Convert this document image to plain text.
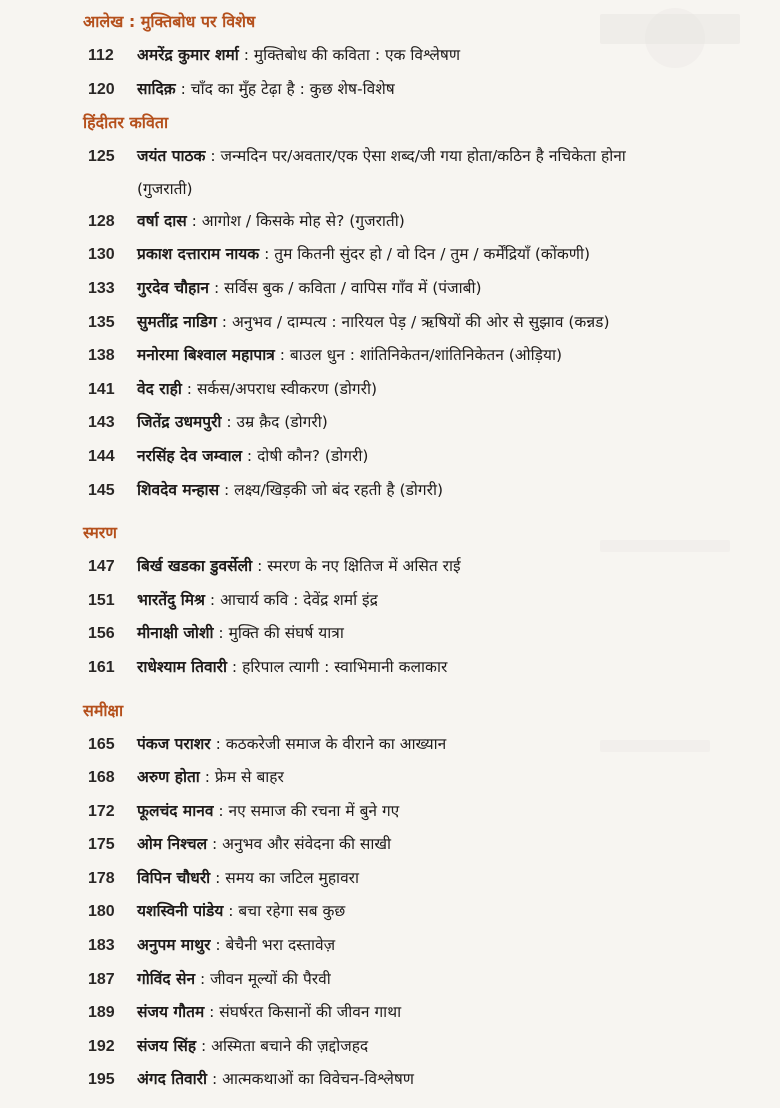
आलेख : मुक्तिबोध पर विशेष
112	अमरेंद्र कुमार शर्मा : मुक्तिबोध की कविता : एक विश्लेषण
120	सादिक़ : चाँद का मुँह टेढ़ा है : कुछ शेष-विशेष
हिंदीतर कविता
125	जयंत पाठक : जन्मदिन पर/अवतार/एक ऐसा शब्द/जी गया होता/कठिन है नचिकेता होना
(गुजराती)
128	वर्षा दास : आगोश / किसके मोह से? (गुजराती)
130	प्रकाश दत्ताराम नायक : तुम कितनी सुंदर हो / वो दिन / तुम / कर्मेंद्रियाँ (कोंकणी)
133	गुरदेव चौहान : सर्विस बुक / कविता / वापिस गाँव में (पंजाबी)
135	सुमतींद्र नाडिग : अनुभव / दाम्पत्य : नारियल पेड़ / ऋषियों की ओर से सुझाव (कन्नड)
138	मनोरमा बिश्वाल महापात्र : बाउल धुन : शांतिनिकेतन/शांतिनिकेतन (ओड़िया)
141	वेद राही : सर्कस/अपराध स्वीकरण (डोगरी)
143	जितेंद्र उधमपुरी : उम्र क़ैद (डोगरी)
144	नरसिंह देव जम्वाल : दोषी कौन? (डोगरी)
145	शिवदेव मन्हास : लक्ष्य/खिड़की जो बंद रहती है (डोगरी)
स्मरण
147	बिर्ख खडका डुवर्सेली : स्मरण के नए क्षितिज में असित राई
151	भारतेंदु मिश्र : आचार्य कवि : देवेंद्र शर्मा इंद्र
156	मीनाक्षी जोशी : मुक्ति की संघर्ष यात्रा
161	राधेश्याम तिवारी : हरिपाल त्यागी : स्वाभिमानी कलाकार
समीक्षा
165	पंकज पराशर : कठकरेजी समाज के वीराने का आख्यान
168	अरुण होता : फ्रेम से बाहर
172	फूलचंद मानव : नए समाज की रचना में बुने गए
175	ओम निश्चल : अनुभव और संवेदना की साखी
178	विपिन चौधरी : समय का जटिल मुहावरा
180	यशस्विनी पांडेय : बचा रहेगा सब कुछ
183	अनुपम माथुर : बेचैनी भरा दस्तावेज़
187	गोविंद सेन : जीवन मूल्यों की पैरवी
189	संजय गौतम : संघर्षरत किसानों की जीवन गाथा
192	संजय सिंह : अस्मिता बचाने की ज़द्दोजहद
195	अंगद तिवारी : आत्मकथाओं का विवेचन-विश्लेषण
